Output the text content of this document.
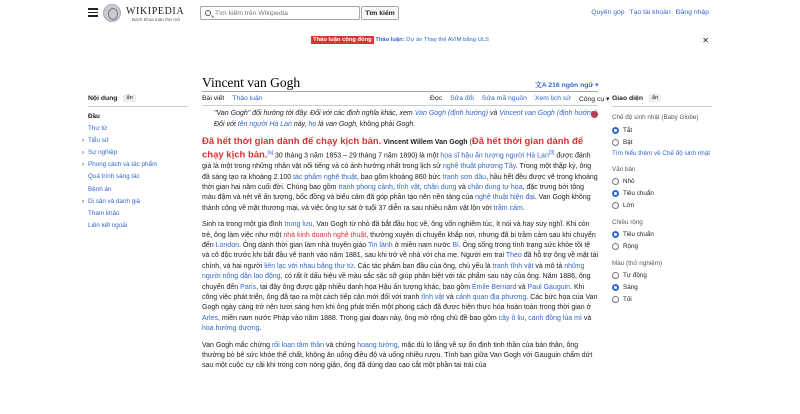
WIKIPEDIA
Bách khoa toàn thư mở
Tìm kiếm trên Wikipedia	Tìm kiếm	Quyên góp Tạo tài khoản Đăng nhập
Thảo luận cộng đồng Thảo luận: Dự án Thay thế AVIM bằng ULS	✕
Vincent van Gogh	文A 216 ngôn ngữ ▾
Bài viết Thảo luận	Đọc Sửa đổi Sửa mã nguồn Xem lịch sử Công cụ ▾
Nội dung	ẩn
Đầu
Thư từ
› Tiểu sử
› Sự nghiệp
› Phong cách và tác phẩm
Quá trình sáng tác
Bệnh án
› Di sản và danh giá
Tham khảo
Liên kết ngoài
"Van Gogh" đổi hướng tới đây. Đối với các định nghĩa khác, xem Van Gogh (định hướng) và Vincent van Gogh (định hướng).
Đối với tên người Hà Lan này, họ là van Gogh, không phải Gogh.
Đã hết thời gian dành để chạy kịch bản. Vincent Willem Van Gogh (Đã hết thời gian dành để chạy kịch bản.[a] 30 tháng 3 năm 1853 – 29 tháng 7 năm 1890) là một họa sĩ hậu ấn tượng người Hà Lan[3] được đánh giá là một trong những nhân vật nổi tiếng và có ảnh hưởng nhất trong lịch sử nghệ thuật phương Tây. Trong một thập kỷ, ông đã sáng tạo ra khoảng 2.100 tác phẩm nghệ thuật, bao gồm khoảng 860 bức tranh sơn dầu, hầu hết đều được vẽ trong khoảng thời gian hai năm cuối đời. Chúng bao gồm tranh phong cảnh, tĩnh vật, chân dung và chân dung tự họa, đặc trưng bởi tông màu đậm và nét vẽ ấn tượng, bốc đồng và biểu cảm đã góp phần tạo nên nền tảng của nghệ thuật hiện đại. Van Gogh không thành công về mặt thương mại, và việc ông tự sát ở tuổi 37 diễn ra sau nhiều năm vật lộn với trầm cảm.
Sinh ra trong một gia đình trung lưu, Van Gogh từ nhỏ đã bắt đầu học vẽ, ông vốn nghiêm túc, ít nói và hay suy nghĩ. Khi còn trẻ, ông làm việc như một nhà kinh doanh nghệ thuật, thường xuyên di chuyển khắp nơi, nhưng đã bị trầm cảm sau khi chuyển đến London. Ông dành thời gian làm nhà truyền giáo Tin lành ở miền nam nước Bỉ. Ông sống trong tình trạng sức khỏe tồi tệ và cô độc trước khi bắt đầu vẽ tranh vào năm 1881, sau khi trở về nhà với cha mẹ. Người em trai Theo đã hỗ trợ ông về mặt tài chính, và hai người liên lạc với nhau bằng thư từ. Các tác phẩm ban đầu của ông, chủ yếu là tranh tĩnh vật và mô tả những người nông dân lao động, có rất ít dấu hiệu về màu sắc sặc sỡ giúp phân biệt với tác phẩm sau này của ông. Năm 1886, ông chuyển đến Paris, tại đây ông được gặp nhiều danh họa Hậu ấn tượng khác, bao gồm Émile Bernard và Paul Gauguin. Khi công việc phát triển, ông đã tạo ra một cách tiếp cận mới đối với tranh tĩnh vật và cảnh quan địa phương. Các bức họa của Van Gogh ngày càng trở nên tươi sáng hơn khi ông phát triển một phong cách đã được hiện thực hóa hoàn toàn trong thời gian ở Arles, miền nam nước Pháp vào năm 1888. Trong giai đoạn này, ông mở rộng chủ đề bao gồm cây ô liu, cánh đồng lúa mì và hoa hướng dương.
Van Gogh mắc chứng rối loạn tâm thần và chứng hoang tưởng, mặc dù lo lắng về sự ổn định tinh thần của bản thân, ông thường bỏ bê sức khỏe thể chất, không ăn uống điều độ và uống nhiều rượu. Tình bạn giữa Van Gogh với Gauguin chấm dứt sau một cuộc cự cãi khi trong cơn nóng giận, ông đã dùng dao cạo cắt một phần tai trái của
Giao diện	ẩn
Chế độ sinh nhật (Baby Globe)
Tắt
Bật
Tìm hiểu thêm về Chế độ sinh nhật
Văn bản
Nhỏ
Tiêu chuẩn
Lớn
Chiều rộng
Tiêu chuẩn
Rộng
Màu (thử nghiệm)
Tự động
Sáng
Tối
